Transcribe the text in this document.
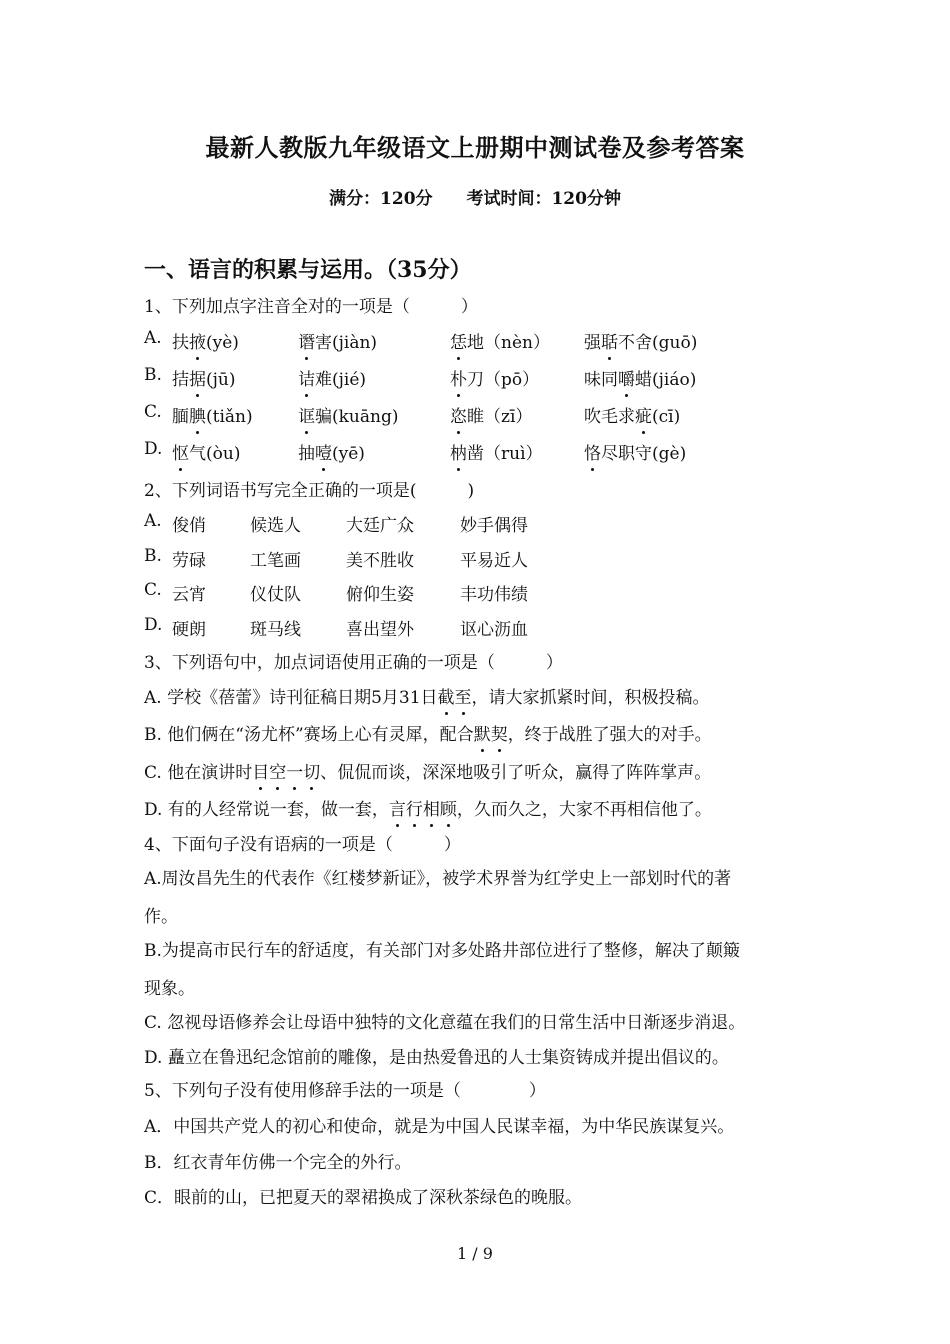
最新人教版九年级语文上册期中测试卷及参考答案
满分：120分 考试时间：120分钟
一、语言的积累与运用。（35分）
1、下列加点字注音全对的一项是（　　　）
A. 扶掖(yè)	谮害(jiàn)	恁地（nèn） 强聒不舍(guō)
B. 拮据(jū)	诘难(jié)	朴刀（pō）	味同嚼蜡(jiáo)
C. 腼腆(tiǎn)	诓骗(kuāng)	恣睢（zī）	吹毛求疵(cī)
D. 怄气(òu)	抽噎(yē)	枘凿（ruì） 恪尽职守(gè)
2、下列词语书写完全正确的一项是(　　　)
A. 俊俏	候选人	大廷广众	妙手偶得
B. 劳碌	工笔画	美不胜收	平易近人
C. 云宵	仪仗队	俯仰生姿	丰功伟绩
D. 硬朗	斑马线	喜出望外	讴心沥血
3、下列语句中，加点词语使用正确的一项是（　　　）
A. 学校《蓓蕾》诗刊征稿日期5月31日截至，请大家抓紧时间，积极投稿。
B. 他们俩在“汤尤杯”赛场上心有灵犀，配合默契，终于战胜了强大的对手。
C. 他在演讲时目空一切、侃侃而谈，深深地吸引了听众，赢得了阵阵掌声。
D. 有的人经常说一套，做一套，言行相顾，久而久之，大家不再相信他了。
4、下面句子没有语病的一项是（　　　）
A.周汝昌先生的代表作《红楼梦新证》，被学术界誉为红学史上一部划时代的著
作。
B.为提高市民行车的舒适度，有关部门对多处路井部位进行了整修，解决了颠簸
现象。
C. 忽视母语修养会让母语中独特的文化意蕴在我们的日常生活中日渐逐步消退。
D. 矗立在鲁迅纪念馆前的雕像，是由热爱鲁迅的人士集资铸成并提出倡议的。
5、下列句子没有使用修辞手法的一项是（　　　　）
A．中国共产党人的初心和使命，就是为中国人民谋幸福，为中华民族谋复兴。
B．红衣青年仿佛一个完全的外行。
C．眼前的山，已把夏天的翠裙换成了深秋茶绿色的晚服。
1 / 9
